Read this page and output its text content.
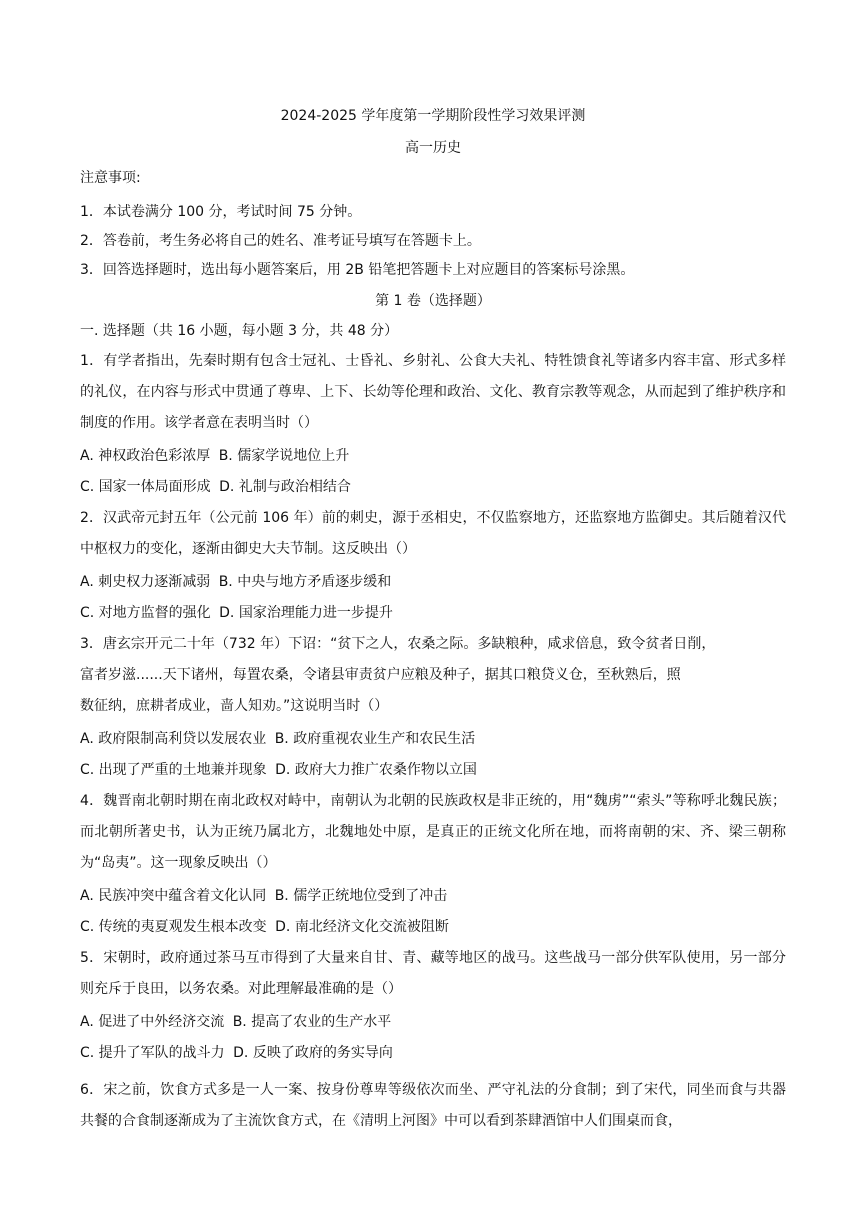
2024-2025 学年度第一学期阶段性学习效果评测
高一历史
注意事项:
1．本试卷满分 100 分，考试时间 75 分钟。
2．答卷前，考生务必将自己的姓名、准考证号填写在答题卡上。
3．回答选择题时，选出每小题答案后，用 2B 铅笔把答题卡上对应题目的答案标号涂黑。
第 1 卷（选择题）
一. 选择题（共 16 小题，每小题 3 分，共 48 分）
1．有学者指出，先秦时期有包含士冠礼、士昏礼、乡射礼、公食大夫礼、特牲馈食礼等诸多内容丰富、形式多样的礼仪，在内容与形式中贯通了尊卑、上下、长幼等伦理和政治、文化、教育宗教等观念，从而起到了维护秩序和制度的作用。该学者意在表明当时（）
A. 神权政治色彩浓厚 B. 儒家学说地位上升
C. 国家一体局面形成 D. 礼制与政治相结合
2．汉武帝元封五年（公元前 106 年）前的刺史，源于丞相史，不仅监察地方，还监察地方监御史。其后随着汉代中枢权力的变化，逐渐由御史大夫节制。这反映出（）
A. 刺史权力逐渐减弱 B. 中央与地方矛盾逐步缓和
C. 对地方监督的强化 D. 国家治理能力进一步提升
3．唐玄宗开元二十年（732 年）下诏：“贫下之人，农桑之际。多缺粮种，咸求倍息，致令贫者日削，
富者岁滋......天下诸州，每置农桑，令诸县审责贫户应粮及种子，据其口粮贷义仓，至秋熟后，照
数征纳，庶耕者成业，啬人知劝。”这说明当时（）
A. 政府限制高利贷以发展农业 B. 政府重视农业生产和农民生活
C. 出现了严重的土地兼并现象 D. 政府大力推广农桑作物以立国
4．魏晋南北朝时期在南北政权对峙中，南朝认为北朝的民族政权是非正统的，用“魏虏”“索头”等称呼北魏民族；而北朝所著史书，认为正统乃属北方，北魏地处中原，是真正的正统文化所在地，而将南朝的宋、齐、梁三朝称为“岛夷”。这一现象反映出（）
A. 民族冲突中蕴含着文化认同 B. 儒学正统地位受到了冲击
C. 传统的夷夏观发生根本改变 D. 南北经济文化交流被阻断
5．宋朝时，政府通过茶马互市得到了大量来自甘、青、藏等地区的战马。这些战马一部分供军队使用，另一部分则充斥于良田，以务农桑。对此理解最准确的是（）
A. 促进了中外经济交流 B. 提高了农业的生产水平
C. 提升了军队的战斗力 D. 反映了政府的务实导向
6．宋之前，饮食方式多是一人一案、按身份尊卑等级依次而坐、严守礼法的分食制；到了宋代，同坐而食与共器共餐的合食制逐渐成为了主流饮食方式，在《清明上河图》中可以看到茶肆酒馆中人们围桌而食，
